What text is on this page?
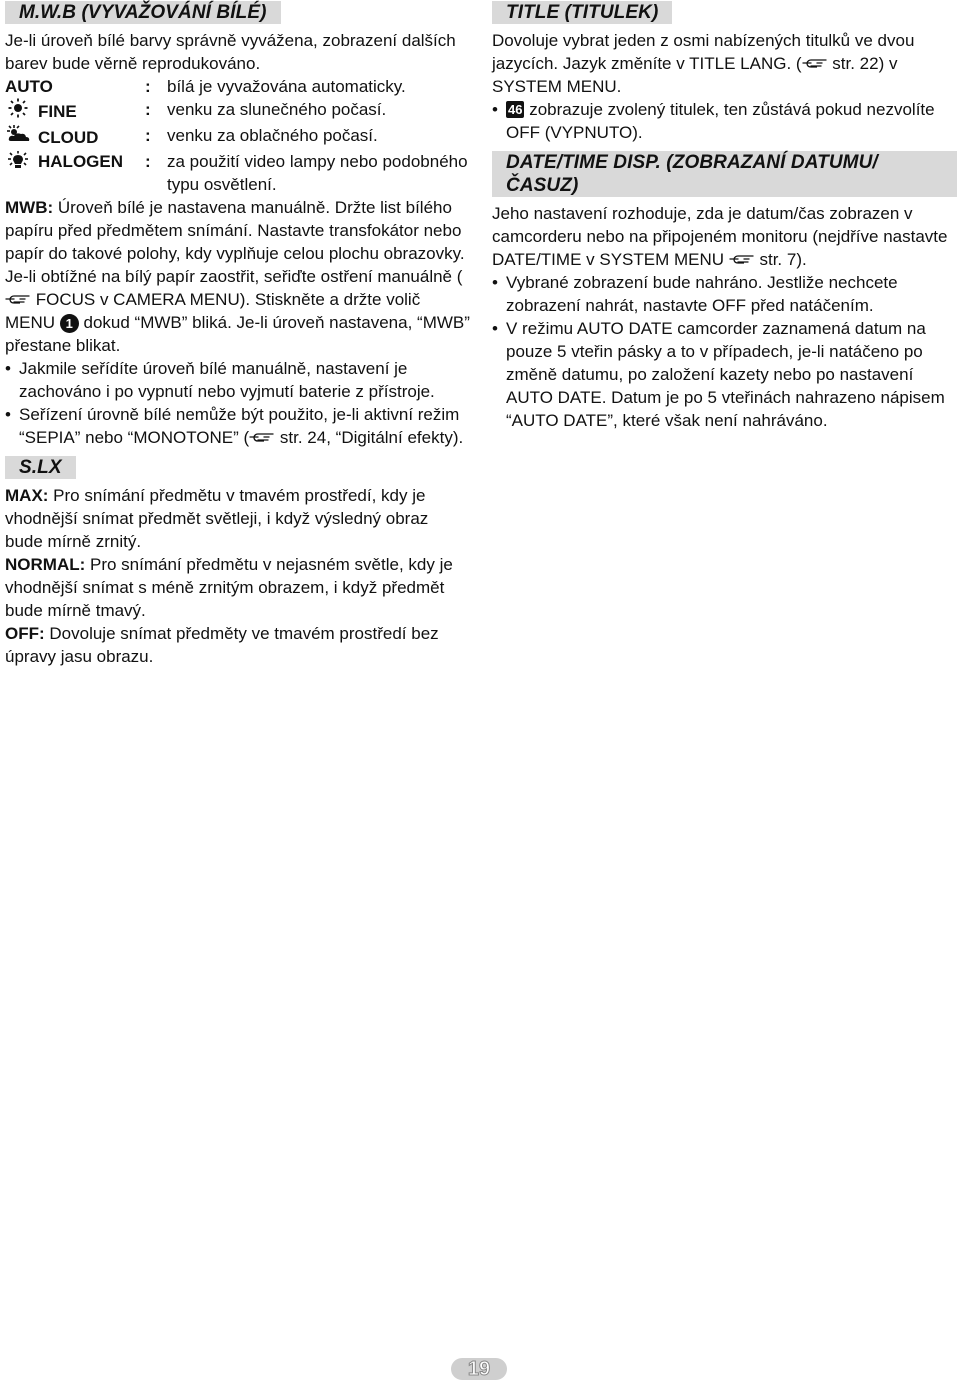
M.W.B (VYVAŽOVÁNÍ BÍLÉ)

Je-li úroveň bílé barvy správně vyvážena, zobrazení dalších barev bude věrně reprodukováno.

AUTO	: bílá je vyvažována automaticky.
FINE	: venku za slunečného počasí.
CLOUD	: venku za oblačného počasí.
HALOGEN : za použití video lampy nebo podobného typu osvětlení.

MWB: Úroveň bílé je nastavena manuálně. Držte list bílého papíru před předmětem snímání. Nastavte transfokátor nebo papír do takové polohy, kdy vyplňuje celou plochu obrazovky. Je-li obtížné na bílý papír zaostřit, seřiďte ostření manuálně ( FOCUS v CAMERA MENU). Stiskněte a držte volič MENU 1 dokud “MWB” bliká. Je-li úroveň nastavena, “MWB” přestane blikat.

• Jakmile seřídíte úroveň bílé manuálně, nastavení je zachováno i po vypnutí nebo vyjmutí baterie z přístroje.
• Seřízení úrovně bílé nemůže být použito, je-li aktivní režim “SEPIA” nebo “MONOTONE” ( str. 24, “Digitální efekty).
S.LX

MAX: Pro snímání předmětu v tmavém prostředí, kdy je vhodnější snímat předmět světleji, i když výsledný obraz bude mírně zrnitý.

NORMAL: Pro snímání předmětu v nejasném světle, kdy je vhodnější snímat s méně zrnitým obrazem, i když předmět bude mírně tmavý.

OFF: Dovoluje snímat předměty ve tmavém prostředí bez úpravy jasu obrazu.

TITLE (TITULEK)

Dovoluje vybrat jeden z osmi nabízených titulků ve dvou jazycích. Jazyk změníte v TITLE LANG. ( str. 22) v SYSTEM MENU.

• 46 zobrazuje zvolený titulek, ten zůstává pokud nezvolíte OFF (VYPNUTO).
DATE/TIME DISP. (ZOBRAZANÍ DATUMU/ČASUZ)

Jeho nastavení rozhoduje, zda je datum/čas zobrazen v camcorderu nebo na připojeném monitoru (nejdříve nastavte DATE/TIME v SYSTEM MENU  str. 7).

• Vybrané zobrazení bude nahráno. Jestliže nechcete zobrazení nahrát, nastavte OFF před natáčením.
• V režimu AUTO DATE camcorder zaznamená datum na pouze 5 vteřin pásky a to v případech, je-li natáčeno po změně datumu, po založení kazety nebo po nastavení AUTO DATE. Datum je po 5 vteřinách nahrazeno nápisem “AUTO DATE”, které však není nahráváno.
19
